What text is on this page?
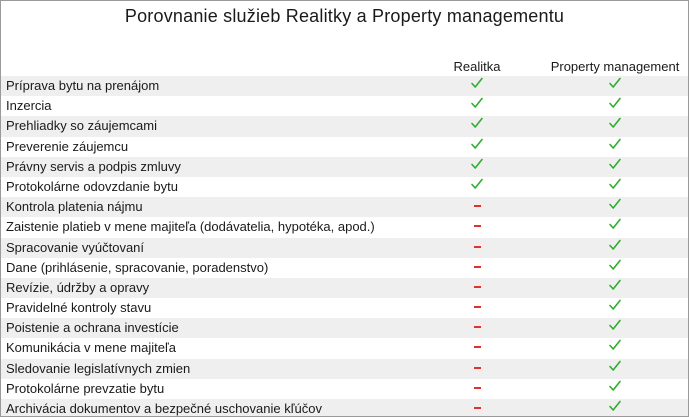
Porovnanie služieb Realitky a Property managementu
Realitka	Property management
Príprava bytu na prenájom
Inzercia
Prehliadky so záujemcami
Preverenie záujemcu
Právny servis a podpis zmluvy
Protokolárne odovzdanie bytu
Kontrola platenia nájmu
Zaistenie platieb v mene majiteľa (dodávatelia, hypotéka, apod.)
Spracovanie vyúčtovaní
Dane (prihlásenie, spracovanie, poradenstvo)
Revízie, údržby a opravy
Pravidelné kontroly stavu
Poistenie a ochrana investície
Komunikácia v mene majiteľa
Sledovanie legislatívnych zmien
Protokolárne prevzatie bytu
Archivácia dokumentov a bezpečné uschovanie kľúčov
